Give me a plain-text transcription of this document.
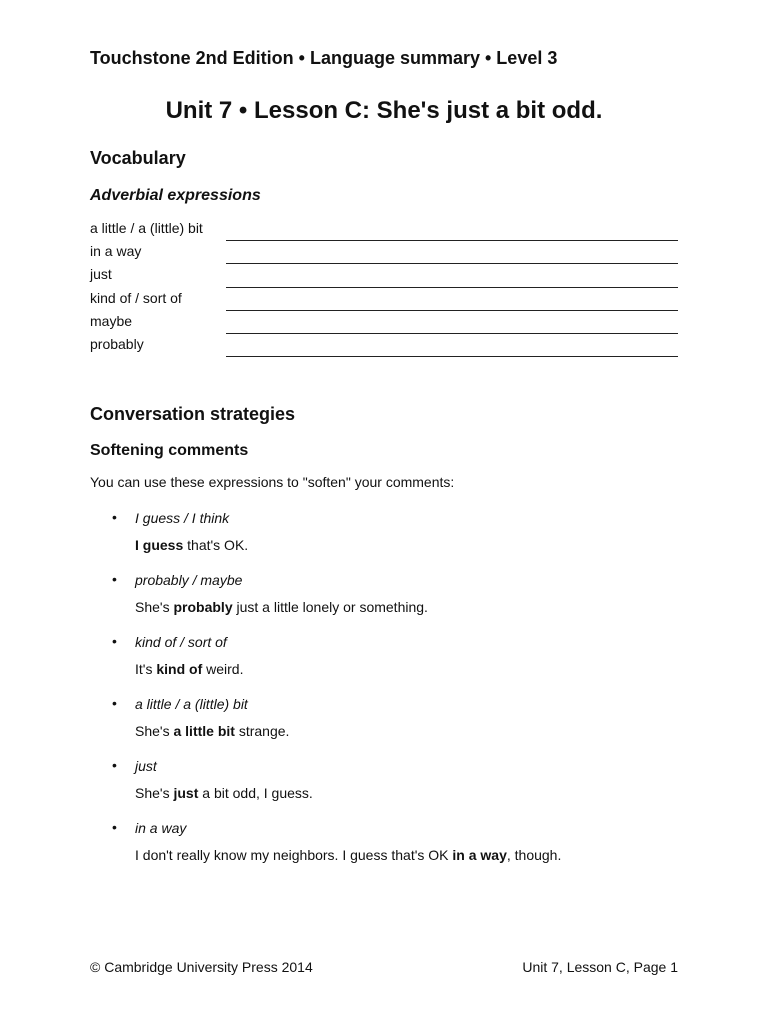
Touchstone 2nd Edition • Language summary • Level 3
Unit 7 • Lesson C: She's just a bit odd.
Vocabulary
Adverbial expressions
a little / a (little) bit
in a way
just
kind of / sort of
maybe
probably
Conversation strategies
Softening comments
You can use these expressions to "soften" your comments:
• I guess / I think
I guess that's OK.
• probably / maybe
She's probably just a little lonely or something.
• kind of / sort of
It's kind of weird.
• a little / a (little) bit
She's a little bit strange.
• just
She's just a bit odd, I guess.
• in a way
I don't really know my neighbors. I guess that's OK in a way, though.
© Cambridge University Press 2014	Unit 7, Lesson C, Page 1
